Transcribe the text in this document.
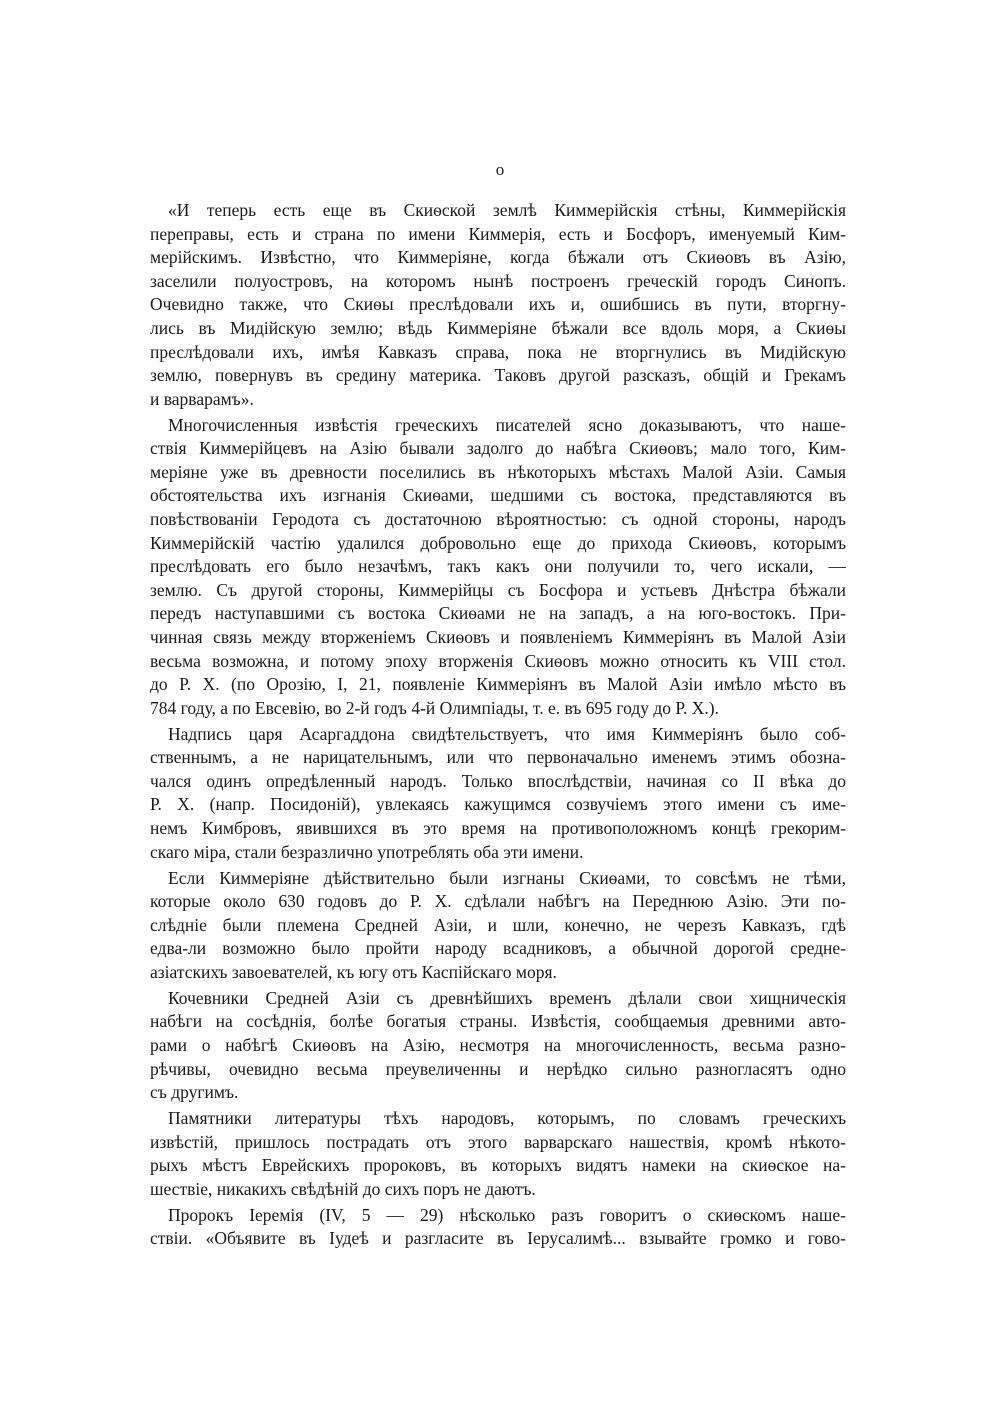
о
«И теперь есть еще въ Скиѳской землѣ Киммерійскія стѣны, Киммерійскія
переправы, есть и страна по имени Киммерія, есть и Босфоръ, именуемый Ким-
мерійскимъ. Извѣстно, что Киммеріяне, когда бѣжали отъ Скиѳовъ въ Азію,
заселили полуостровъ, на которомъ нынѣ построенъ греческій городъ Синопъ.
Очевидно также, что Скиѳы преслѣдовали ихъ и, ошибшись въ пути, вторгну-
лись въ Мидійскую землю; вѣдь Киммеріяне бѣжали все вдоль моря, а Скиѳы
преслѣдовали ихъ, имѣя Кавказъ справа, пока не вторгнулись въ Мидійскую
землю, повернувъ въ средину материка. Таковъ другой разсказъ, общій и Грекамъ
и варварамъ».
Многочисленныя извѣстія греческихъ писателей ясно доказываютъ, что наше-
ствія Киммерійцевъ на Азію бывали задолго до набѣга Скиѳовъ; мало того, Ким-
меріяне уже въ древности поселились въ нѣкоторыхъ мѣстахъ Малой Азіи. Самыя
обстоятельства ихъ изгнанія Скиѳами, шедшими съ востока, представляются въ
повѣствованіи Геродота съ достаточною вѣроятностью: съ одной стороны, народъ
Киммерійскій частію удалился добровольно еще до прихода Скиѳовъ, которымъ
преслѣдовать его было незачѣмъ, такъ какъ они получили то, чего искали, —
землю. Съ другой стороны, Киммерійцы съ Босфора и устьевъ Днѣстра бѣжали
передъ наступавшими съ востока Скиѳами не на западъ, а на юго-востокъ. При-
чинная связь между вторженіемъ Скиѳовъ и появленіемъ Киммеріянъ въ Малой Азіи
весьма возможна, и потому эпоху вторженія Скиѳовъ можно относить къ VIII стол.
до Р. Х. (по Орозію, I, 21, появленіе Киммеріянъ въ Малой Азіи имѣло мѣсто въ
784 году, а по Евсевію, во 2-й годъ 4-й Олимпіады, т. е. въ 695 году до Р. Х.).
Надпись царя Асаргаддона свидѣтельствуетъ, что имя Киммеріянъ было соб-
ственнымъ, а не нарицательнымъ, или что первоначально именемъ этимъ обозна-
чался одинъ опредѣленный народъ. Только впослѣдствіи, начиная со II вѣка до
Р. Х. (напр. Посидоній), увлекаясь кажущимся созвучіемъ этого имени съ име-
немъ Кимбровъ, явившихся въ это время на противоположномъ концѣ грекорим-
скаго міра, стали безразлично употреблять оба эти имени.
Если Киммеріяне дѣйствительно были изгнаны Скиѳами, то совсѣмъ не тѣми,
которые около 630 годовъ до Р. Х. сдѣлали набѣгъ на Переднюю Азію. Эти по-
слѣдніе были племена Средней Азіи, и шли, конечно, не черезъ Кавказъ, гдѣ
едва-ли возможно было пройти народу всадниковъ, а обычной дорогой средне-
азіатскихъ завоевателей, къ югу отъ Каспійскаго моря.
Кочевники Средней Азіи съ древнѣйшихъ временъ дѣлали свои хищническія
набѣги на сосѣднія, болѣе богатыя страны. Извѣстія, сообщаемыя древними авто-
рами о набѣгѣ Скиѳовъ на Азію, несмотря на многочисленность, весьма разно-
рѣчивы, очевидно весьма преувеличенны и нерѣдко сильно разногласятъ одно
съ другимъ.
Памятники литературы тѣхъ народовъ, которымъ, по словамъ греческихъ
извѣстій, пришлось пострадать отъ этого варварскаго нашествія, кромѣ нѣкото-
рыхъ мѣстъ Еврейскихъ пророковъ, въ которыхъ видятъ намеки на скиѳское на-
шествіе, никакихъ свѣдѣній до сихъ поръ не даютъ.
Пророкъ Іеремія (IV, 5 — 29) нѣсколько разъ говоритъ о скиѳскомъ наше-
ствіи. «Объявите въ Іудеѣ и разгласите въ Іерусалимѣ... взывайте громко и гово-
